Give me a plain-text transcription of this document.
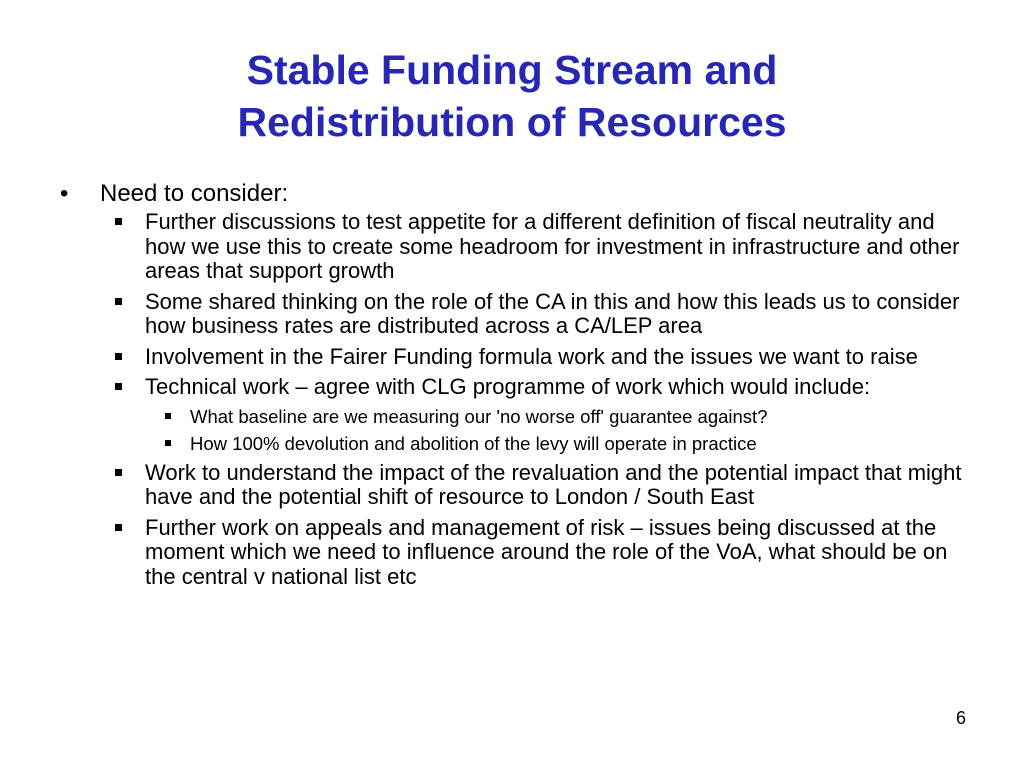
Stable Funding Stream and
Redistribution of Resources
• Need to consider:
Further discussions to test appetite for a different definition of fiscal neutrality and how we use this to create some headroom for investment in infrastructure and other areas that support growth
Some shared thinking on the role of the CA in this and how this leads us to consider how business rates are distributed across a CA/LEP area
Involvement in the Fairer Funding formula work and the issues we want to raise
Technical work – agree with CLG programme of work which would include:
What baseline are we measuring our 'no worse off' guarantee against?
How 100% devolution and abolition of the levy will operate in practice
Work to understand the impact of the revaluation and the potential impact that might have and the potential shift of resource to London / South East
Further work on appeals and management of risk – issues being discussed at the moment which we need to influence around the role of the VoA, what should be on the central v national list etc
6
